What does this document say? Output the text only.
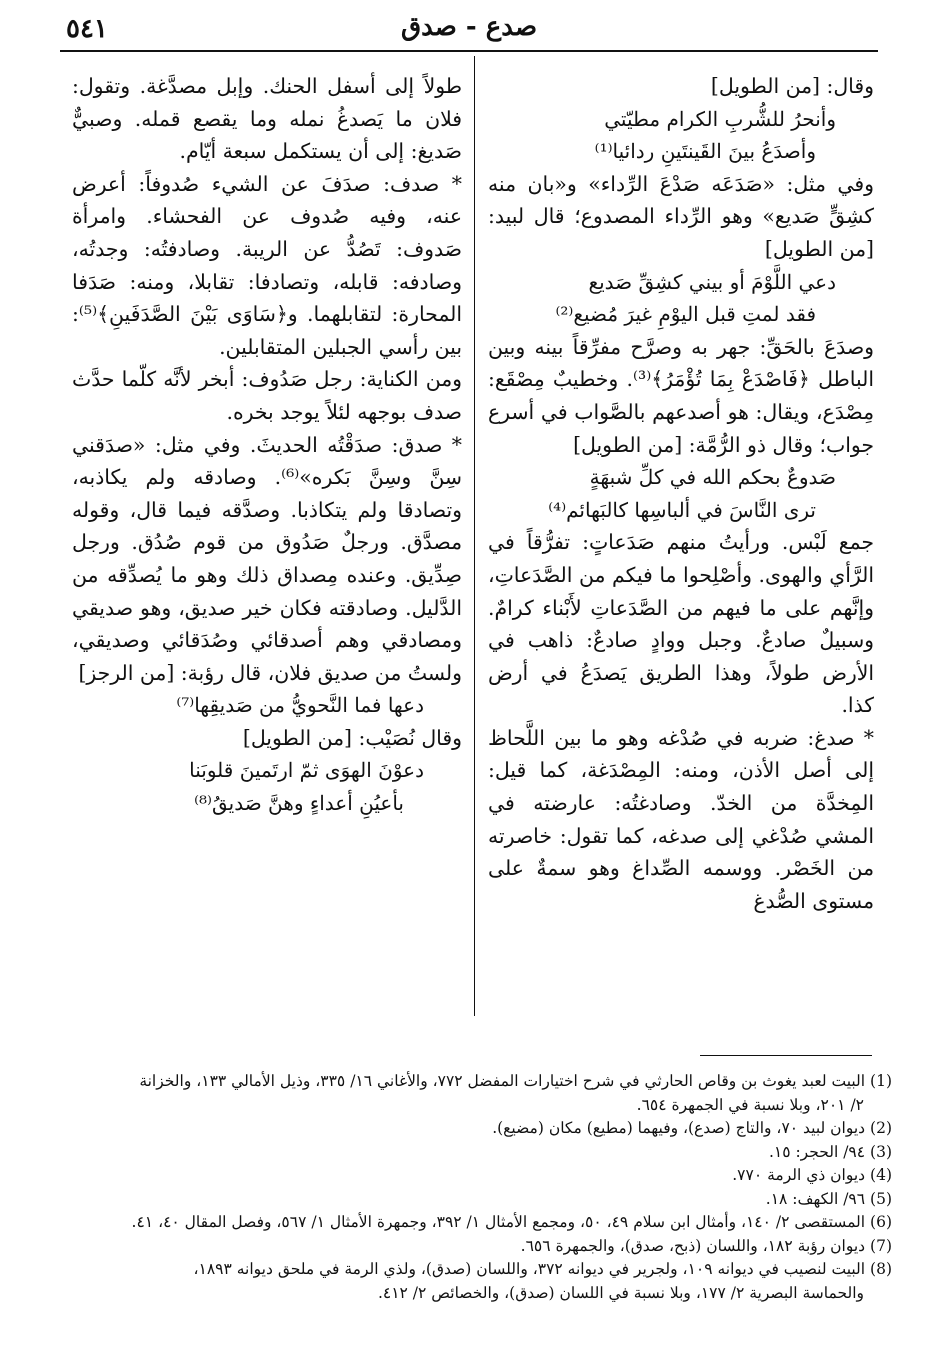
٥٤١	صدع - صدق

وقال: [من الطويل]

وأنحرُ للشُّربِ الكرام مطيّتي
وأصدَعُ بينَ القَينتَينِ ردائيا⁽¹⁾

وفي مثل: «صَدَعَه صَدْعَ الرِّداء» و«بان منه كشِقٍّ صَديع» وهو الرِّداء المصدوع؛ قال لبيد: [من الطويل]

دعي اللَّوْمَ أو بيني كشِقِّ صَديع
فقد لمتِ قبل اليوْمِ غيرَ مُضيع⁽²⁾

وصدَعَ بالحَقِّ: جهر به وصرَّح مفرِّقاً بينه وبين الباطل ﴿فَاصْدَعْ بِمَا تُؤْمَرُ﴾⁽³⁾. وخطيبٌ مِصْقَع: مِصْدَع، ويقال: هو أصدعهم بالصَّواب في أسرع جواب؛ وقال ذو الرُّمَّة: [من الطويل]

صَدوعٌ بحكم الله في كلِّ شبهَةٍ
ترى النَّاسَ في ألباسِها كالبَهائم⁽⁴⁾

جمع لَبْس. ورأيتُ منهم صَدَعاتٍ: تفرُّقاً في الرَّأي والهوى. وأصْلِحوا ما فيكم من الصَّدَعاتِ، وإنَّهم على ما فيهم من الصَّدَعاتِ لأَبْناء كرامٌ. وسبيلٌ صادعٌ. وجبل ووادٍ صادعٌ: ذاهب في الأرض طولاً، وهذا الطريق يَصدَعُ في أرض كذا.

* صدغ: ضربه في صُدْغه وهو ما بين اللَّحاظ إلى أصل الأذن، ومنه: المِصْدَغة، كما قيل: المِخدَّة من الخدّ. وصادغتُه: عارضته في المشي صُدْغي إلى صدغه، كما تقول: خاصرته من الخَصْر. ووسمه الصِّداغ وهو سمةٌ على مستوى الصُّدغ

طولاً إلى أسفل الحنك. وإبل مصدَّغة. وتقول: فلان ما يَصدغُ نمله وما يقصع قمله. وصبيٌّ صَديغ: إلى أن يستكمل سبعة أيّام.

* صدف: صدَفَ عن الشيء صُدوفاً: أعرض عنه، وفيه صُدوف عن الفحشاء. وامرأة صَدوف: تَصُدُّ عن الريبة. وصادفتُه: وجدتُه، وصادفه: قابله، وتصادفا: تقابلا، ومنه: صَدَفا المحارة: لتقابلهما. و﴿سَاوَى بَيْنَ الصَّدَفَينِ﴾⁽⁵⁾: بين رأسي الجبلين المتقابلين.

ومن الكناية: رجل صَدُوف: أبخر لأنَّه كلّما حدَّث صدف بوجهه لئلاً يوجد بخره.

* صدق: صدَقْتُه الحديثَ. وفي مثل: «صدَقني سِنَّ وسِنَّ بَكره»⁽⁶⁾. وصادقه ولم يكاذبه، وتصادقا ولم يتكاذبا. وصدَّقه فيما قال، وقوله مصدَّق. ورجلٌ صَدُوق من قوم صُدُق. ورجل صِدِّيق. وعنده مِصداق ذلك وهو ما يُصدِّقه من الدَّليل. وصادقته فكان خير صديق، وهو صديقي ومصادقي وهم أصدقائي وصُدَقائي وصديقي، ولستُ من صديق فلان، قال رؤبة: [من الرجز]

دعها فما النَّحويُّ من صَديقِها⁽⁷⁾

وقال نُصَيْب: [من الطويل]

دعوْنَ الهوَى ثمّ ارتَمينَ قلوبَنا
بأعيُنِ أعداءٍ وهنَّ صَديقُ⁽⁸⁾

(1) البيت لعبد يغوث بن وقاص الحارثي في شرح اختيارات المفضل ٧٧٢، والأغاني ١٦/ ٣٣٥، وذيل الأمالي ١٣٣، والخزانة

٢/ ٢٠١، وبلا نسبة في الجمهرة ٦٥٤.

(2) ديوان لبيد ٧٠، والتاج (صدع)، وفيهما (مطيع) مكان (مضيع).

(3) ٩٤/ الحجر: ١٥.

(4) ديوان ذي الرمة ٧٧٠.

(5) ٩٦/ الكهف: ١٨.

(6) المستقصى ٢/ ١٤٠، وأمثال ابن سلام ٤٩، ٥٠، ومجمع الأمثال ١/ ٣٩٢، وجمهرة الأمثال ١/ ٥٦٧، وفصل المقال ٤٠، ٤١.

(7) ديوان رؤبة ١٨٢، واللسان (ذبح، صدق)، والجمهرة ٦٥٦.

(8) البيت لنصيب في ديوانه ١٠٩، ولجرير في ديوانه ٣٧٢، واللسان (صدق)، ولذي الرمة في ملحق ديوانه ١٨٩٣،

والحماسة البصرية ٢/ ١٧٧، وبلا نسبة في اللسان (صدق)، والخصائص ٢/ ٤١٢.
